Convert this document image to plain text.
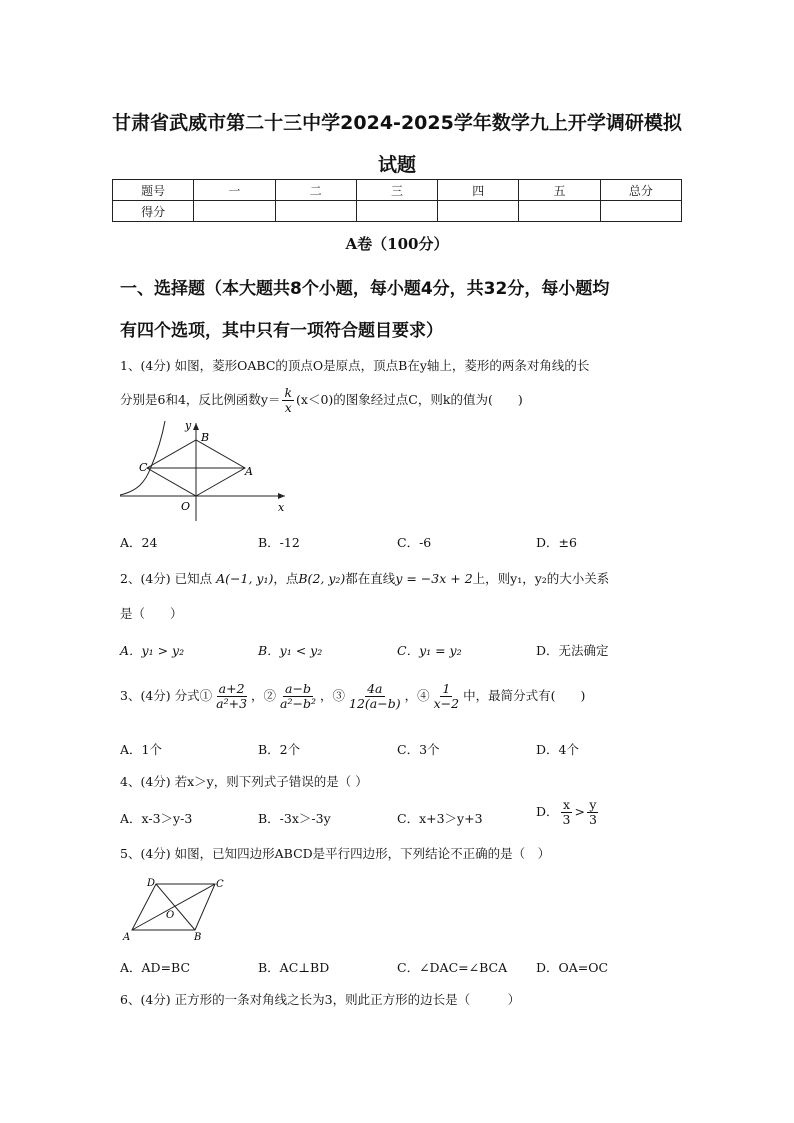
甘肃省武威市第二十三中学2024-2025学年数学九上开学调研模拟
试题
题号	一	二	三	四	五	总分
得分						
A卷（100分）
一、选择题（本大题共8个小题，每小题4分，共32分，每小题均
有四个选项，其中只有一项符合题目要求）
1、(4分) 如图，菱形OABC的顶点O是原点，顶点B在y轴上，菱形的两条对角线的长
分别是6和4，反比例函数$y= \frac{k}{x} (x<0)$的图象经过点C，则k的值为(　　)
y
B
C	A
O	x
A．24	B．-12	C．-6	D．±6
2、(4分) 已知点 A(−1, y₁)，点B(2, y₂)都在直线y = −3x + 2上，则y₁，y₂的大小关系
是（　　）
A．y₁ > y₂	B．y₁ < y₂	C．y₁ = y₂	D．无法确定
3、(4分) 分式① $\frac{a+2}{\text{a²+3}}$ ，② $\frac{a-b}{\text{a²−b²}}$ ，③ $\frac{4a}{12(a-b)}$ ，④ $\frac{1}{x-2}$ 中，最简分式有(　　)
A．1个	B．2个	C．3个	D．4个
4、(4分) 若x＞y，则下列式子错误的是（ ）
A．x-3＞y-3	B．-3x＞-3y	C．x+3＞y+3	D． $\frac{x}{3} > \frac{y}{3}$
5、(4分) 如图，已知四边形ABCD是平行四边形，下列结论不正确的是（　）
D	C
O
A	B
A．AD=BC	B．AC⊥BD	C．∠DAC=∠BCA D．OA=OC
6、(4分) 正方形的一条对角线之长为3，则此正方形的边长是（　　　）
